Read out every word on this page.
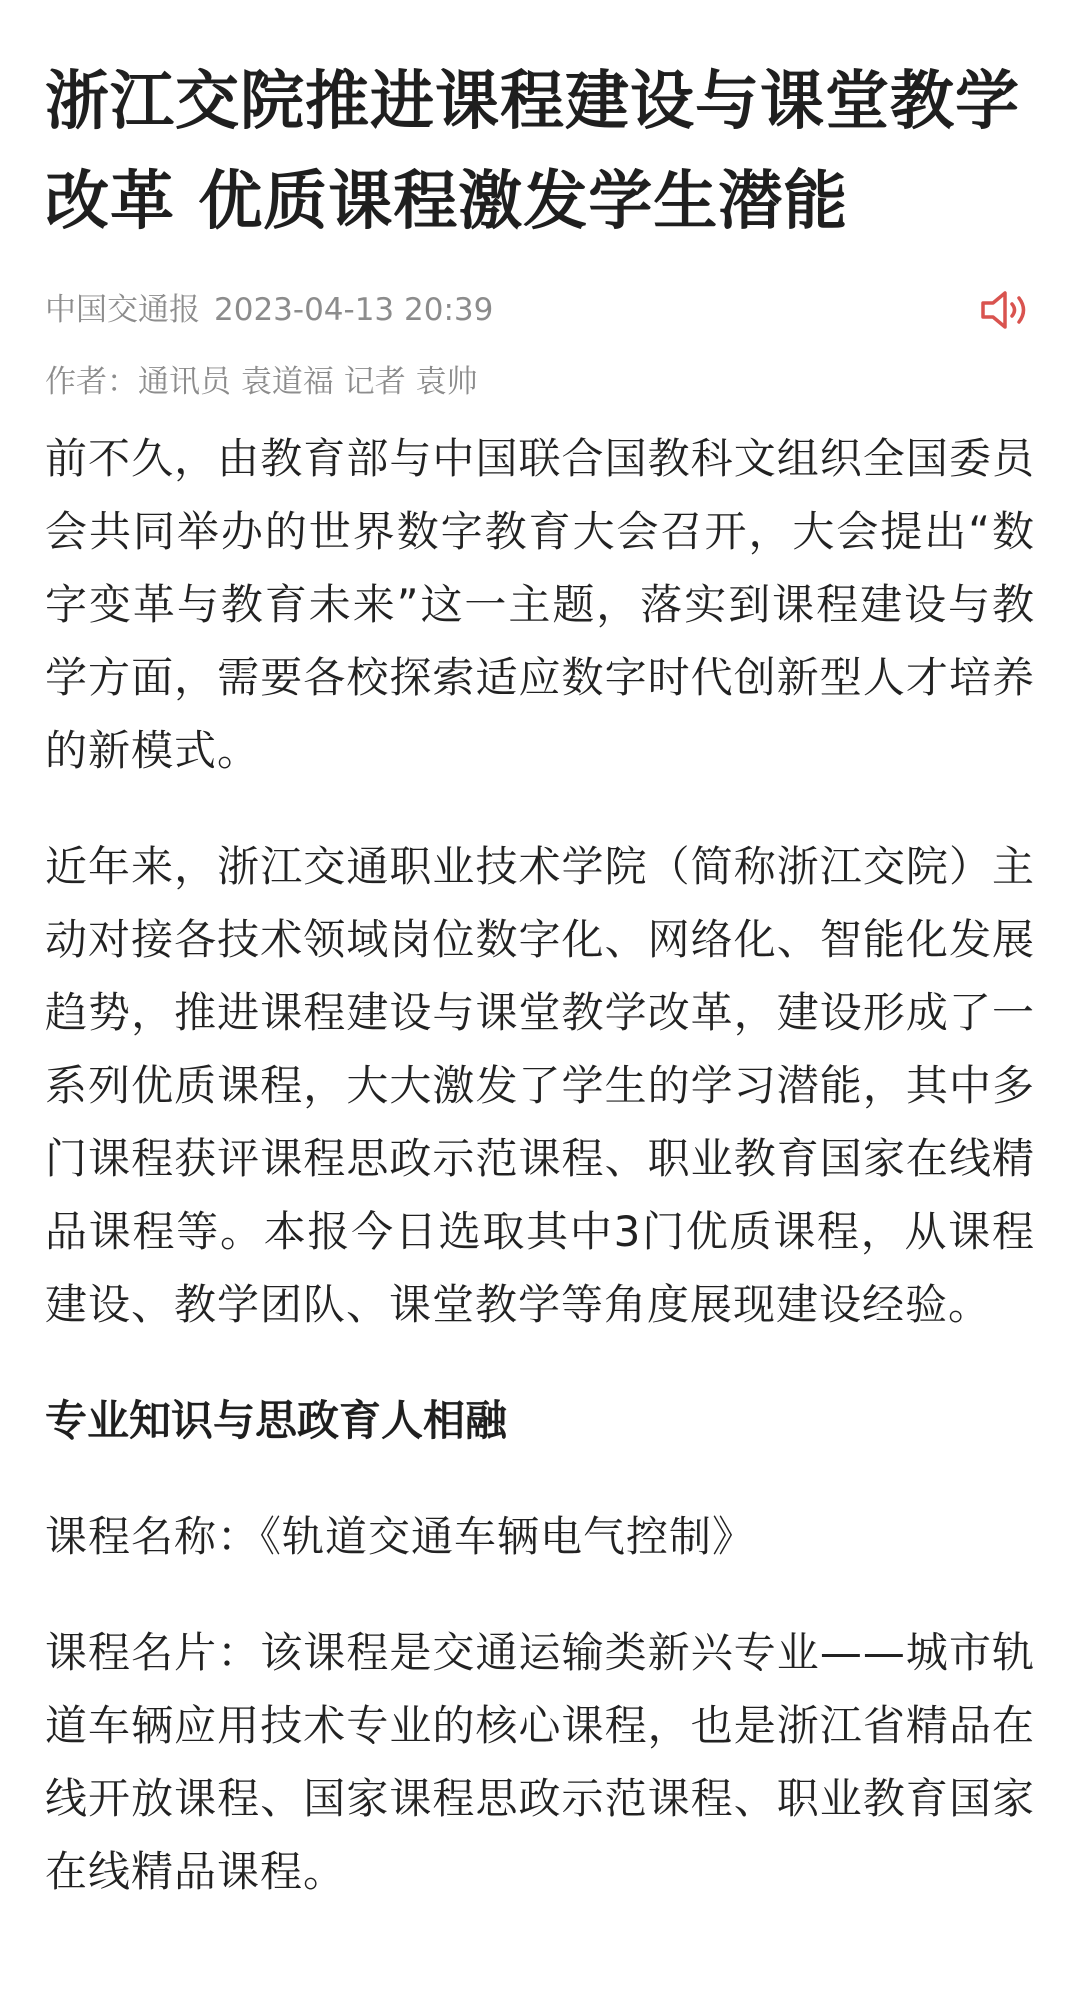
浙江交院推进课程建设与课堂教学改革 优质课程激发学生潜能
中国交通报 2023-04-13 20:39
作者：通讯员 袁道福 记者 袁帅

前不久，由教育部与中国联合国教科文组织全国委员会共同举办的世界数字教育大会召开，大会提出“数字变革与教育未来”这一主题，落实到课程建设与教学方面，需要各校探索适应数字时代创新型人才培养的新模式。

近年来，浙江交通职业技术学院（简称浙江交院）主动对接各技术领域岗位数字化、网络化、智能化发展趋势，推进课程建设与课堂教学改革，建设形成了一系列优质课程，大大激发了学生的学习潜能，其中多门课程获评课程思政示范课程、职业教育国家在线精品课程等。本报今日选取其中3门优质课程，从课程建设、教学团队、课堂教学等角度展现建设经验。

专业知识与思政育人相融

课程名称：《轨道交通车辆电气控制》

课程名片：该课程是交通运输类新兴专业——城市轨道车辆应用技术专业的核心课程，也是浙江省精品在线开放课程、国家课程思政示范课程、职业教育国家在线精品课程。
